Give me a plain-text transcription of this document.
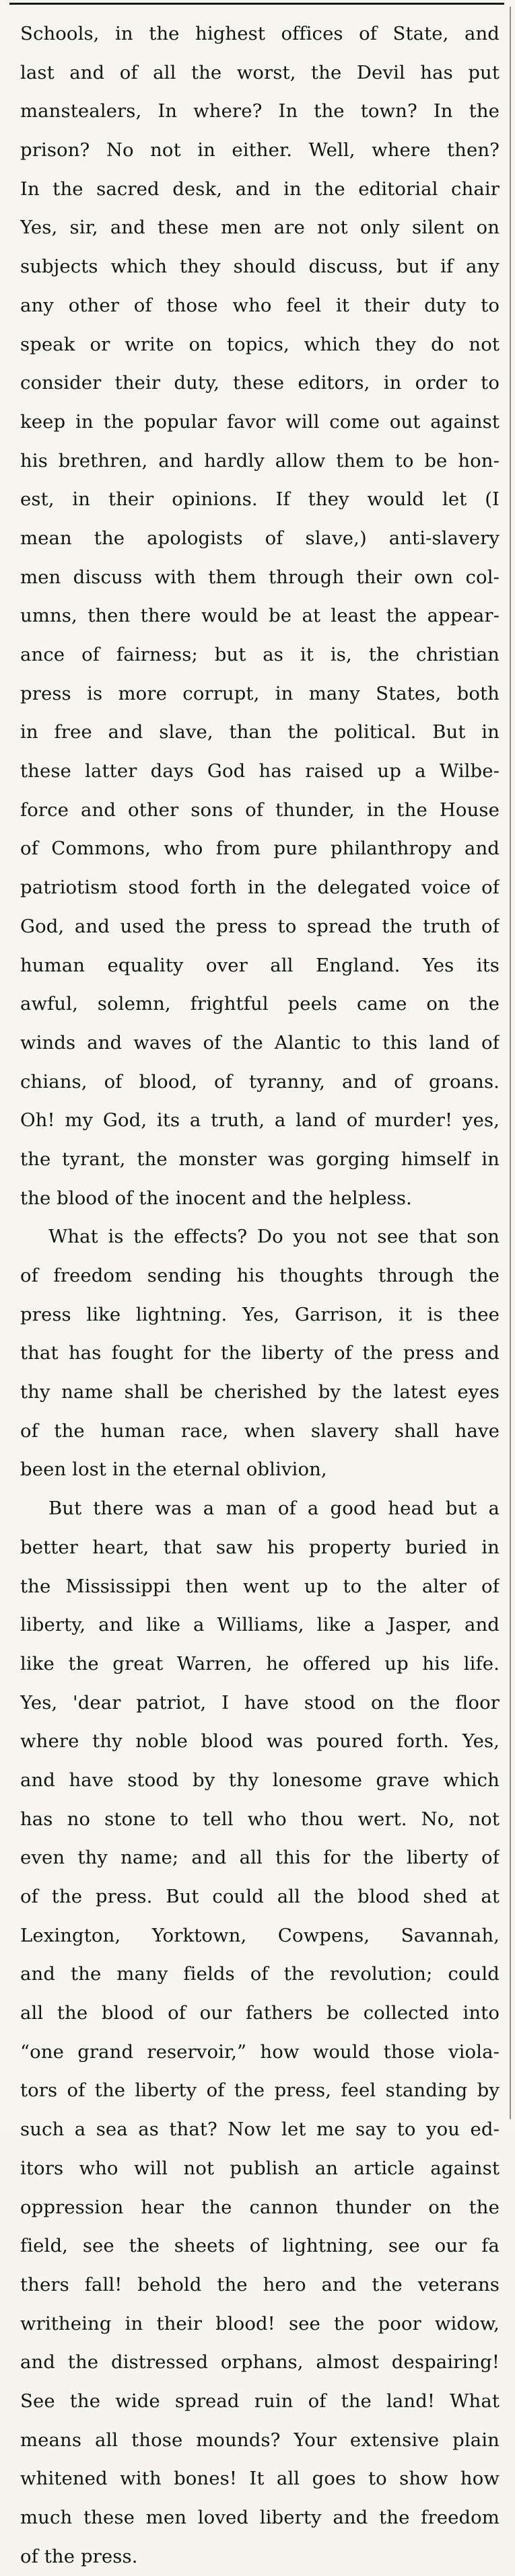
Schools, in the highest offices of State, and
last and of all the worst, the Devil has put
manstealers, In where? In the town? In the
prison? No not in either. Well, where then?
In the sacred desk, and in the editorial chair
Yes, sir, and these men are not only silent on
subjects which they should discuss, but if any
any other of those who feel it their duty to
speak or write on topics, which they do not
consider their duty, these editors, in order to
keep in the popular favor will come out against
his brethren, and hardly allow them to be hon-
est, in their opinions. If they would let (I
mean the apologists of slave,) anti-slavery
men discuss with them through their own col-
umns, then there would be at least the appear-
ance of fairness; but as it is, the christian
press is more corrupt, in many States, both
in free and slave, than the political. But in
these latter days God has raised up a Wilbe-
force and other sons of thunder, in the House
of Commons, who from pure philanthropy and
patriotism stood forth in the delegated voice of
God, and used the press to spread the truth of
human equality over all England. Yes its
awful, solemn, frightful peels came on the
winds and waves of the Alantic to this land of
chians, of blood, of tyranny, and of groans.
Oh! my God, its a truth, a land of murder! yes,
the tyrant, the monster was gorging himself in
the blood of the inocent and the helpless.
What is the effects? Do you not see that son
of freedom sending his thoughts through the
press like lightning. Yes, Garrison, it is thee
that has fought for the liberty of the press and
thy name shall be cherished by the latest eyes
of the human race, when slavery shall have
been lost in the eternal oblivion,
But there was a man of a good head but a
better heart, that saw his property buried in
the Mississippi then went up to the alter of
liberty, and like a Williams, like a Jasper, and
like the great Warren, he offered up his life.
Yes, 'dear patriot, I have stood on the floor
where thy noble blood was poured forth. Yes,
and have stood by thy lonesome grave which
has no stone to tell who thou wert. No, not
even thy name; and all this for the liberty of
of the press. But could all the blood shed at
Lexington, Yorktown, Cowpens, Savannah,
and the many fields of the revolution; could
all the blood of our fathers be collected into
“one grand reservoir,” how would those viola-
tors of the liberty of the press, feel standing by
such a sea as that? Now let me say to you ed-
itors who will not publish an article against
oppression hear the cannon thunder on the
field, see the sheets of lightning, see our fa
thers fall! behold the hero and the veterans
writheing in their blood! see the poor widow,
and the distressed orphans, almost despairing!
See the wide spread ruin of the land! What
means all those mounds? Your extensive plain
whitened with bones! It all goes to show how
much these men loved liberty and the freedom
of the press.
